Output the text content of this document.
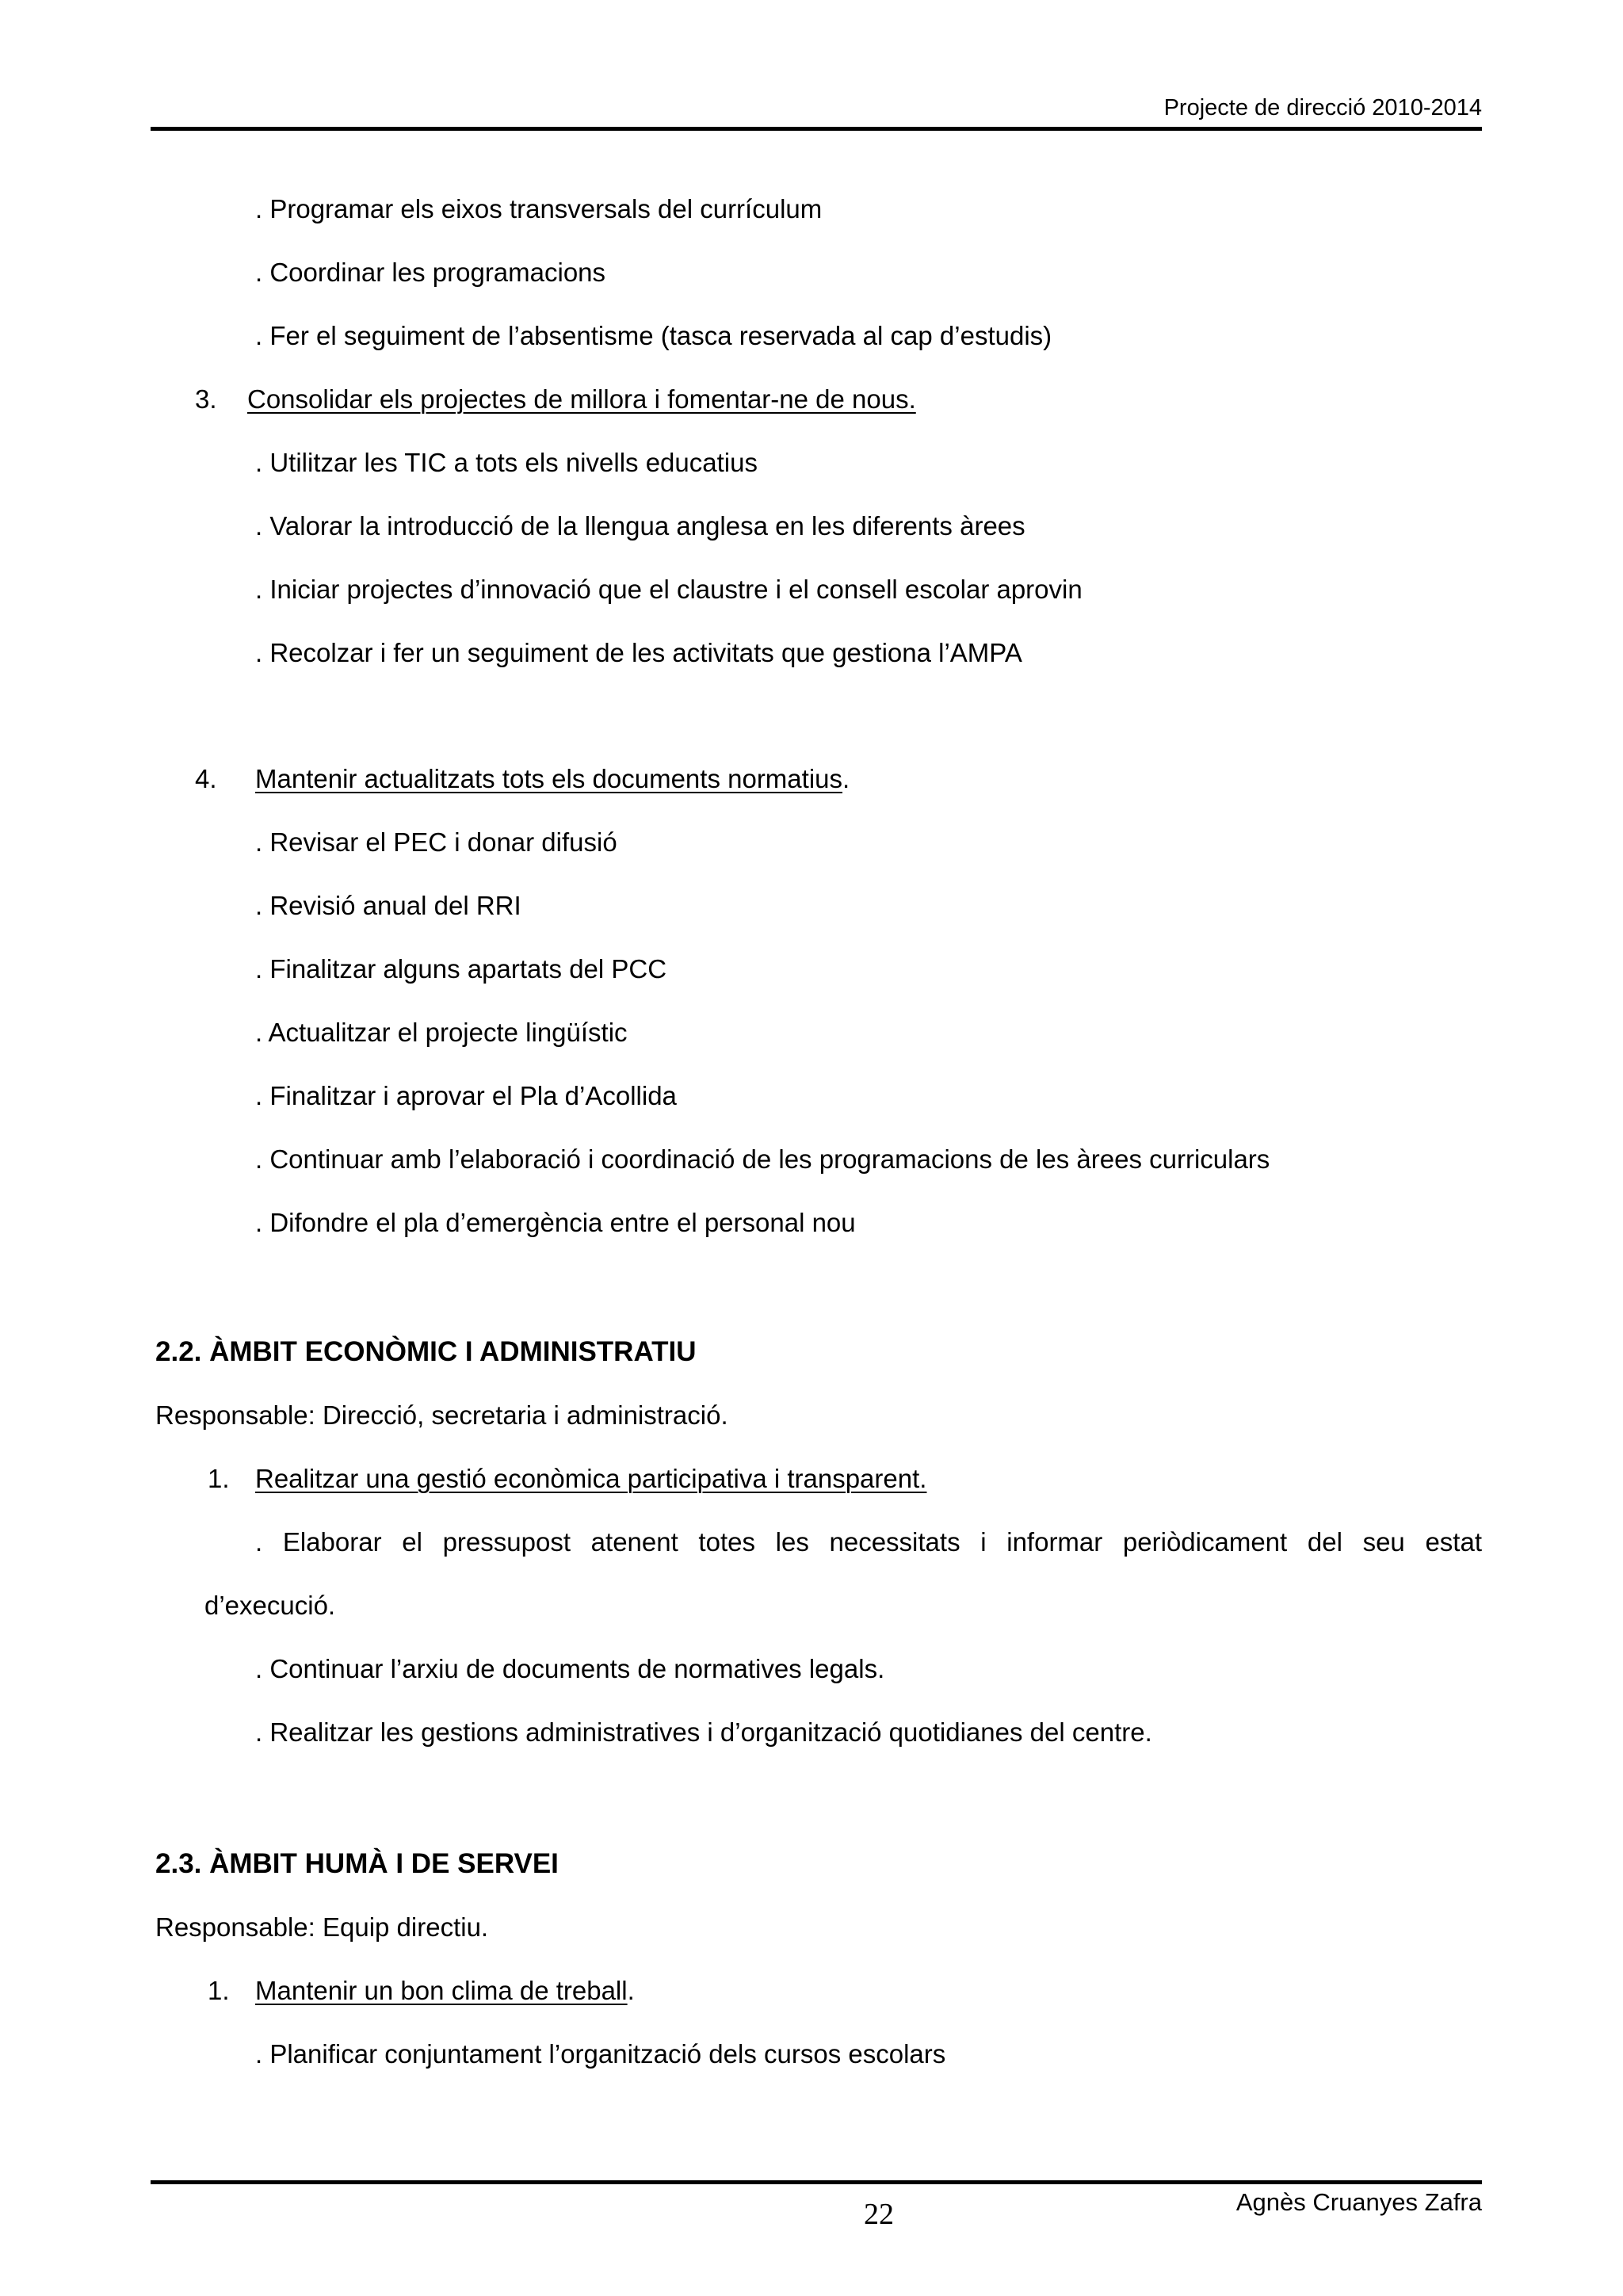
Projecte de direcció 2010-2014
. Programar els eixos transversals del currículum
. Coordinar les programacions
. Fer el seguiment de l’absentisme (tasca reservada al cap d’estudis)
3. Consolidar els projectes de millora i fomentar-ne de nous.
. Utilitzar les TIC a tots els nivells educatius
. Valorar la introducció de la llengua anglesa en les diferents àrees
. Iniciar projectes d’innovació que el claustre i el consell escolar aprovin
. Recolzar i fer un seguiment de les activitats que gestiona l’AMPA
4. Mantenir actualitzats tots els documents normatius.
. Revisar el PEC i donar difusió
. Revisió anual del RRI
. Finalitzar alguns apartats del PCC
. Actualitzar el projecte lingüístic
. Finalitzar i aprovar el Pla d’Acollida
. Continuar amb l’elaboració i coordinació de les programacions de les àrees curriculars
. Difondre el pla d’emergència entre el personal nou
2.2. ÀMBIT ECONÒMIC I ADMINISTRATIU
Responsable: Direcció, secretaria i administració.
1. Realitzar una gestió econòmica participativa i transparent.
. Elaborar el pressupost atenent totes les necessitats i informar periòdicament del seu estat
d’execució.
. Continuar l’arxiu de documents de normatives legals.
. Realitzar les gestions administratives i d’organització quotidianes del centre.
2.3. ÀMBIT HUMÀ I DE SERVEI
Responsable: Equip directiu.
1. Mantenir un bon clima de treball.
. Planificar conjuntament l’organització dels cursos escolars
22	Agnès Cruanyes Zafra
